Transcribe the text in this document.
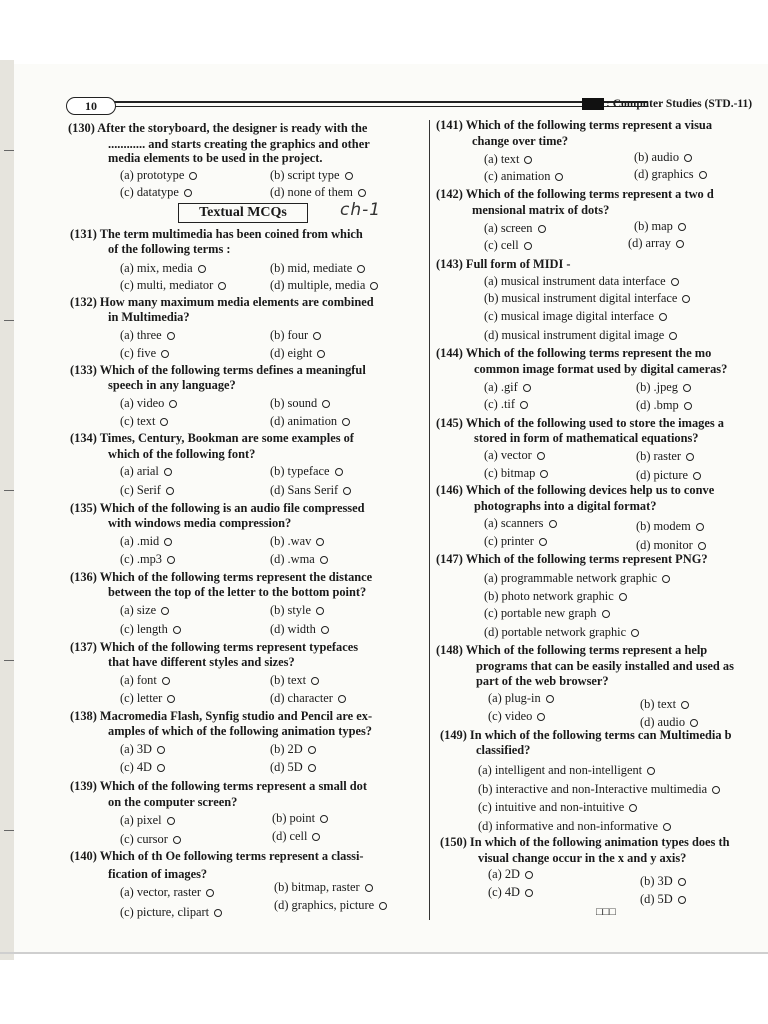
10	: Computer Studies (STD.-11)
Textual MCQs	ch-1
(130) After the storyboard, the designer is ready with the
............ and starts creating the graphics and other
media elements to be used in the project.
(a) prototype	(b) script type
(c) datatype	(d) none of them
(131) The term multimedia has been coined from which
of the following terms :
(a) mix, media	(b) mid, mediate
(c) multi, mediator	(d) multiple, media
(132) How many maximum media elements are combined
in Multimedia?
(a) three	(b) four
(c) five	(d) eight
(133) Which of the following terms defines a meaningful
speech in any language?
(a) video	(b) sound
(c) text	(d) animation
(134) Times, Century, Bookman are some examples of
which of the following font?
(a) arial	(b) typeface
(c) Serif	(d) Sans Serif
(135) Which of the following is an audio file compressed
with windows media compression?
(a) .mid	(b) .wav
(c) .mp3	(d) .wma
(136) Which of the following terms represent the distance
between the top of the letter to the bottom point?
(a) size	(b) style
(c) length	(d) width
(137) Which of the following terms represent typefaces
that have different styles and sizes?
(a) font	(b) text
(c) letter	(d) character
(138) Macromedia Flash, Synfig studio and Pencil are ex-
amples of which of the following animation types?
(a) 3D	(b) 2D
(c) 4D	(d) 5D
(139) Which of the following terms represent a small dot
on the computer screen?
(a) pixel	(b) point
(c) cursor	(d) cell
(140) Which of th Oe following terms represent a classi-
fication of images?
(a) vector, raster	(b) bitmap, raster
(c) picture, clipart	(d) graphics, picture
(141) Which of the following terms represent a visua
change over time?
(a) text	(b) audio
(c) animation	(d) graphics
(142) Which of the following terms represent a two d
mensional matrix of dots?
(a) screen	(b) map
(c) cell	(d) array
(143) Full form of MIDI -
(a) musical instrument data interface
(b) musical instrument digital interface
(c) musical image digital interface
(d) musical instrument digital image
(144) Which of the following terms represent the mo
common image format used by digital cameras?
(a) .gif	(b) .jpeg
(c) .tif	(d) .bmp
(145) Which of the following used to store the images a
stored in form of mathematical equations?
(a) vector	(b) raster
(c) bitmap	(d) picture
(146) Which of the following devices help us to conve
photographs into a digital format?
(a) scanners	(b) modem
(c) printer	(d) monitor
(147) Which of the following terms represent PNG?
(a) programmable network graphic
(b) photo network graphic
(c) portable new graph
(d) portable network graphic
(148) Which of the following terms represent a help
programs that can be easily installed and used as
part of the web browser?
(a) plug-in	(b) text
(c) video	(d) audio
(149) In which of the following terms can Multimedia b
classified?
(a) intelligent and non-intelligent
(b) interactive and non-Interactive multimedia
(c) intuitive and non-intuitive
(d) informative and non-informative
(150) In which of the following animation types does th
visual change occur in the x and y axis?
(a) 2D	(b) 3D
(c) 4D	(d) 5D
□□□
